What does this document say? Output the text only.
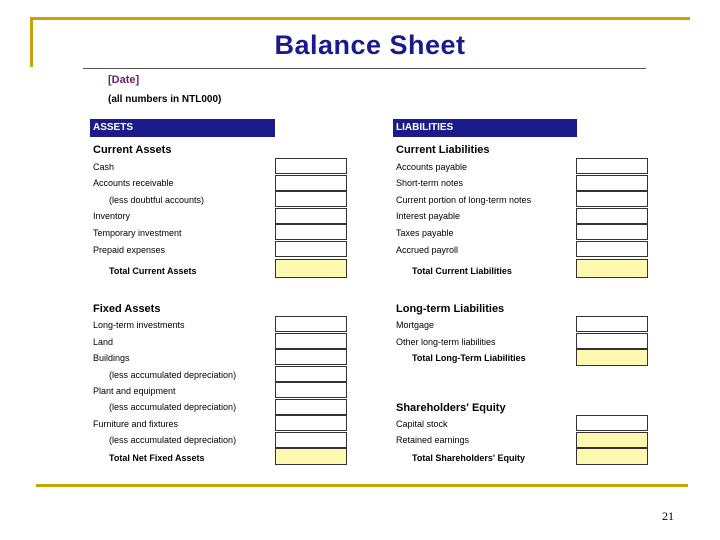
Balance Sheet
[Date]
(all numbers in NTL000)
ASSETS
Current Assets
Cash
Accounts receivable
(less doubtful accounts)
Inventory
Temporary investment
Prepaid expenses
Total Current Assets
Fixed Assets
Long-term investments
Land
Buildings
(less accumulated depreciation)
Plant and equipment
(less accumulated depreciation)
Furniture and fixtures
(less accumulated depreciation)
Total Net Fixed Assets
LIABILITIES
Current Liabilities
Accounts payable
Short-term notes
Current portion of long-term notes
Interest payable
Taxes payable
Accrued payroll
Total Current Liabilities
Long-term Liabilities
Mortgage
Other long-term liabilities
Total Long-Term Liabilities
Shareholders' Equity
Capital stock
Retained earnings
Total Shareholders' Equity
21
